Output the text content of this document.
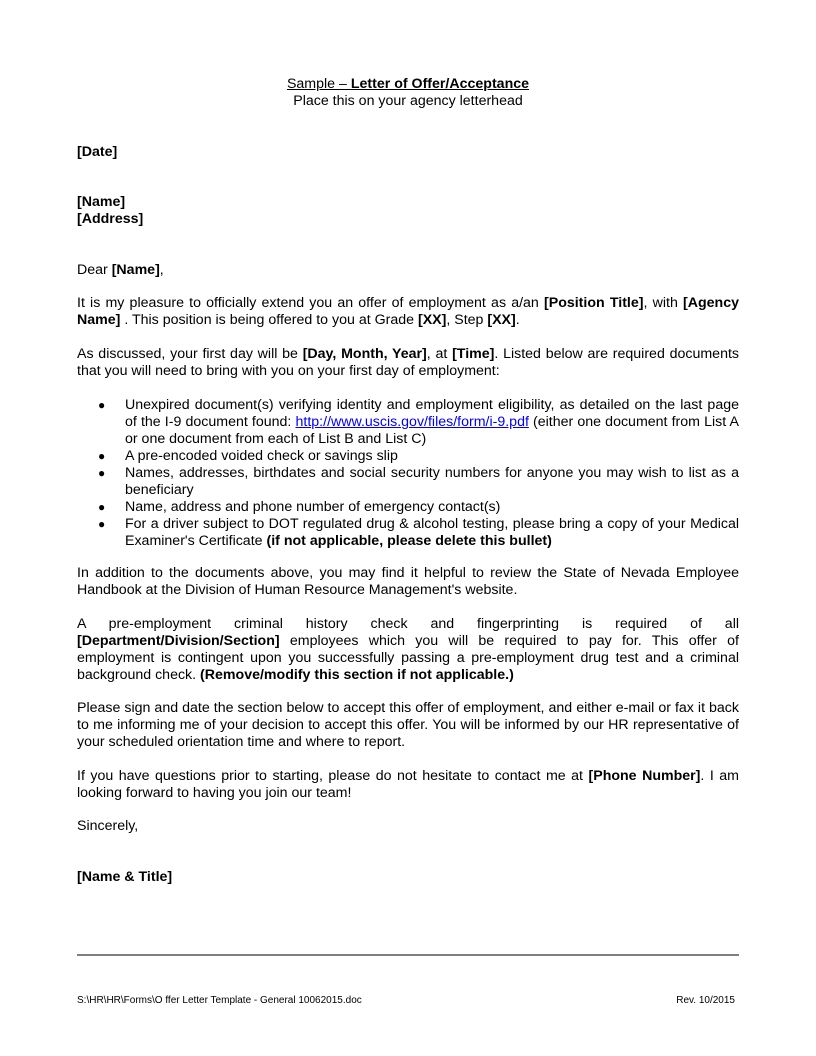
Sample – Letter of Offer/Acceptance
Place this on your agency letterhead
[Date]
[Name]
[Address]
Dear [Name],
It is my pleasure to officially extend you an offer of employment as a/an [Position Title], with [Agency Name] . This position is being offered to you at Grade [XX], Step [XX].
As discussed, your first day will be [Day, Month, Year], at [Time]. Listed below are required documents that you will need to bring with you on your first day of employment:
● Unexpired document(s) verifying identity and employment eligibility, as detailed on the last page of the I-9 document found: http://www.uscis.gov/files/form/i-9.pdf (either one document from List A or one document from each of List B and List C)
● A pre-encoded voided check or savings slip
● Names, addresses, birthdates and social security numbers for anyone you may wish to list as a beneficiary
● Name, address and phone number of emergency contact(s)
● For a driver subject to DOT regulated drug & alcohol testing, please bring a copy of your Medical Examiner's Certificate (if not applicable, please delete this bullet)
In addition to the documents above, you may find it helpful to review the State of Nevada Employee Handbook at the Division of Human Resource Management's website.
A pre-employment criminal history check and fingerprinting is required of all [Department/Division/Section] employees which you will be required to pay for. This offer of employment is contingent upon you successfully passing a pre-employment drug test and a criminal background check. (Remove/modify this section if not applicable.)
Please sign and date the section below to accept this offer of employment, and either e-mail or fax it back to me informing me of your decision to accept this offer. You will be informed by our HR representative of your scheduled orientation time and where to report.
If you have questions prior to starting, please do not hesitate to contact me at [Phone Number]. I am looking forward to having you join our team!
Sincerely,
[Name & Title]
S:\HR\HR\Forms\O ffer Letter Template - General 10062015.doc	Rev. 10/2015
